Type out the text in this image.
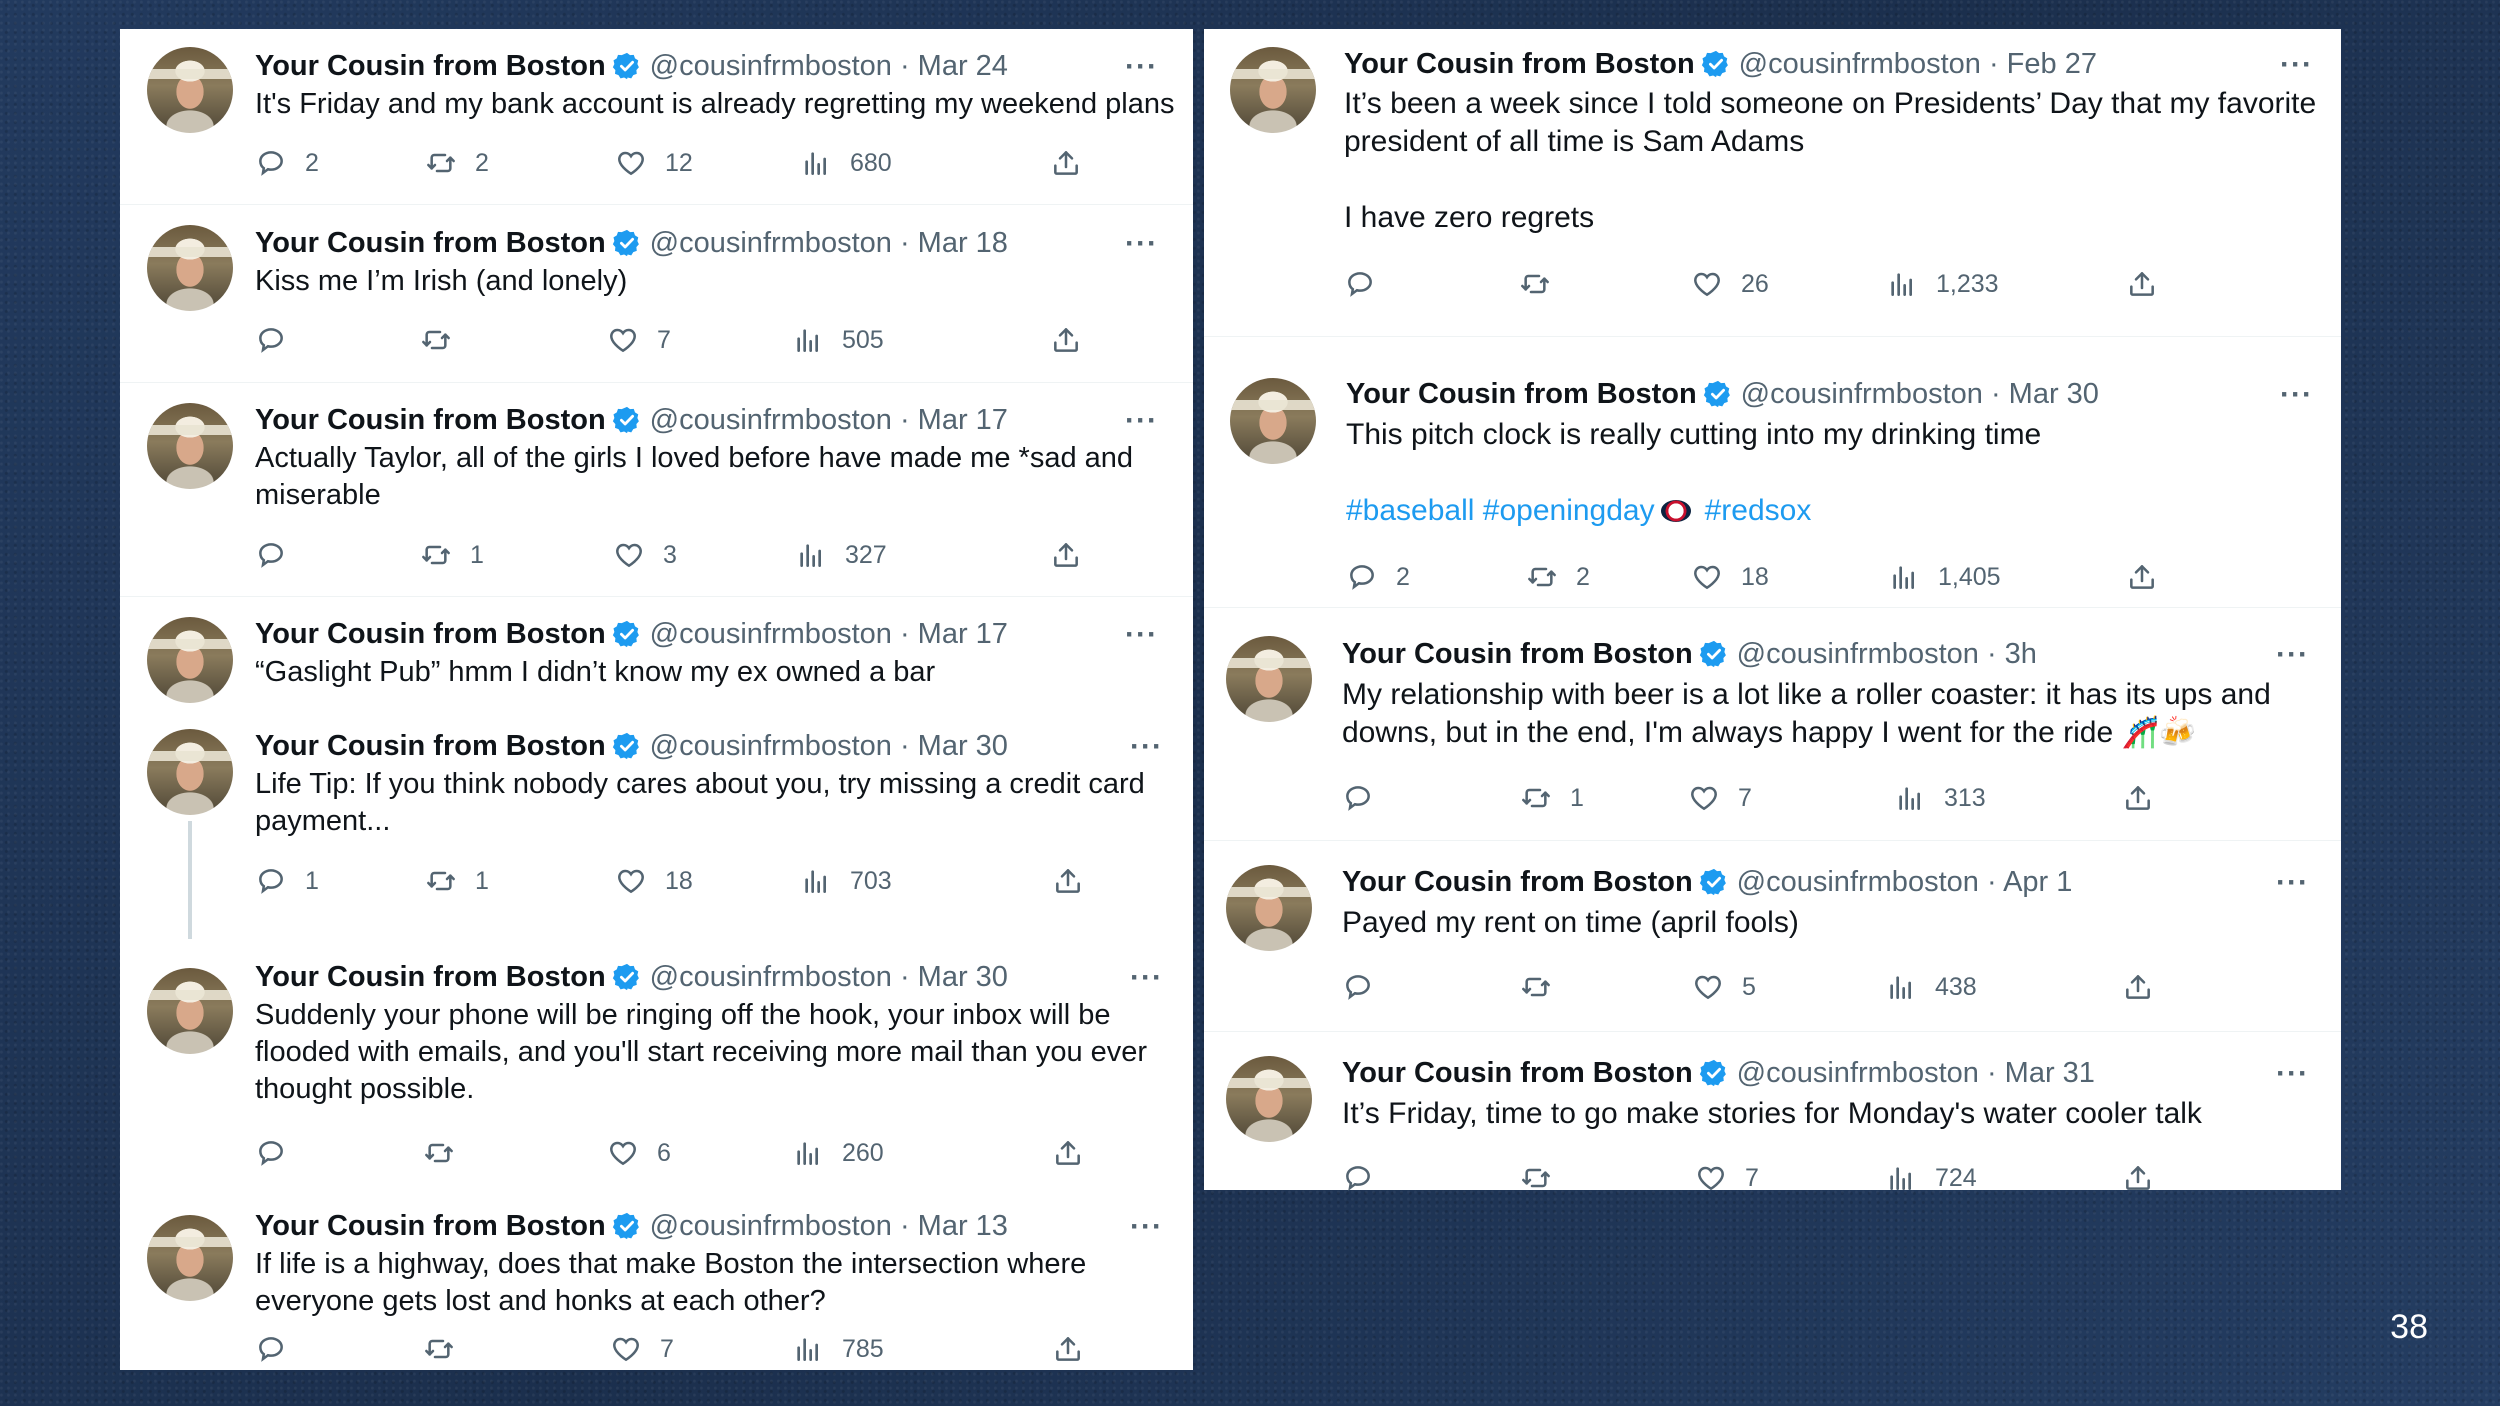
Your Cousin from Boston @cousinfrmboston · Mar 24	···
It's Friday and my bank account is already regretting my weekend plans
2	2	12	680
Your Cousin from Boston @cousinfrmboston · Mar 18	···
Kiss me I’m Irish (and lonely)
7	505
Your Cousin from Boston @cousinfrmboston · Mar 17	···
Actually Taylor, all of the girls I loved before have made me *sad and
miserable
1	3	327
Your Cousin from Boston @cousinfrmboston · Mar 17	···
“Gaslight Pub” hmm I didn’t know my ex owned a bar
Your Cousin from Boston @cousinfrmboston · Mar 30	···
Life Tip: If you think nobody cares about you, try missing a credit card
payment...
1	1	18	703
Your Cousin from Boston @cousinfrmboston · Mar 30	···
Suddenly your phone will be ringing off the hook, your inbox will be
flooded with emails, and you'll start receiving more mail than you ever
thought possible.
6	260
Your Cousin from Boston @cousinfrmboston · Mar 13	···
If life is a highway, does that make Boston the intersection where
everyone gets lost and honks at each other?
7	785
Your Cousin from Boston @cousinfrmboston · Feb 27	···
It’s been a week since I told someone on Presidents’ Day that my favorite
president of all time is Sam Adams

I have zero regrets
26	1,233
Your Cousin from Boston @cousinfrmboston · Mar 30	···
This pitch clock is really cutting into my drinking time
#baseball #openingday #redsox
2	2	18	1,405
Your Cousin from Boston @cousinfrmboston · 3h	···
My relationship with beer is a lot like a roller coaster: it has its ups and
downs, but in the end, I'm always happy I went for the ride 🎢🍻
1	7	313
Your Cousin from Boston @cousinfrmboston · Apr 1	···
Payed my rent on time (april fools)
5	438
Your Cousin from Boston @cousinfrmboston · Mar 31	···
It’s Friday, time to go make stories for Monday's water cooler talk
7	724
38
